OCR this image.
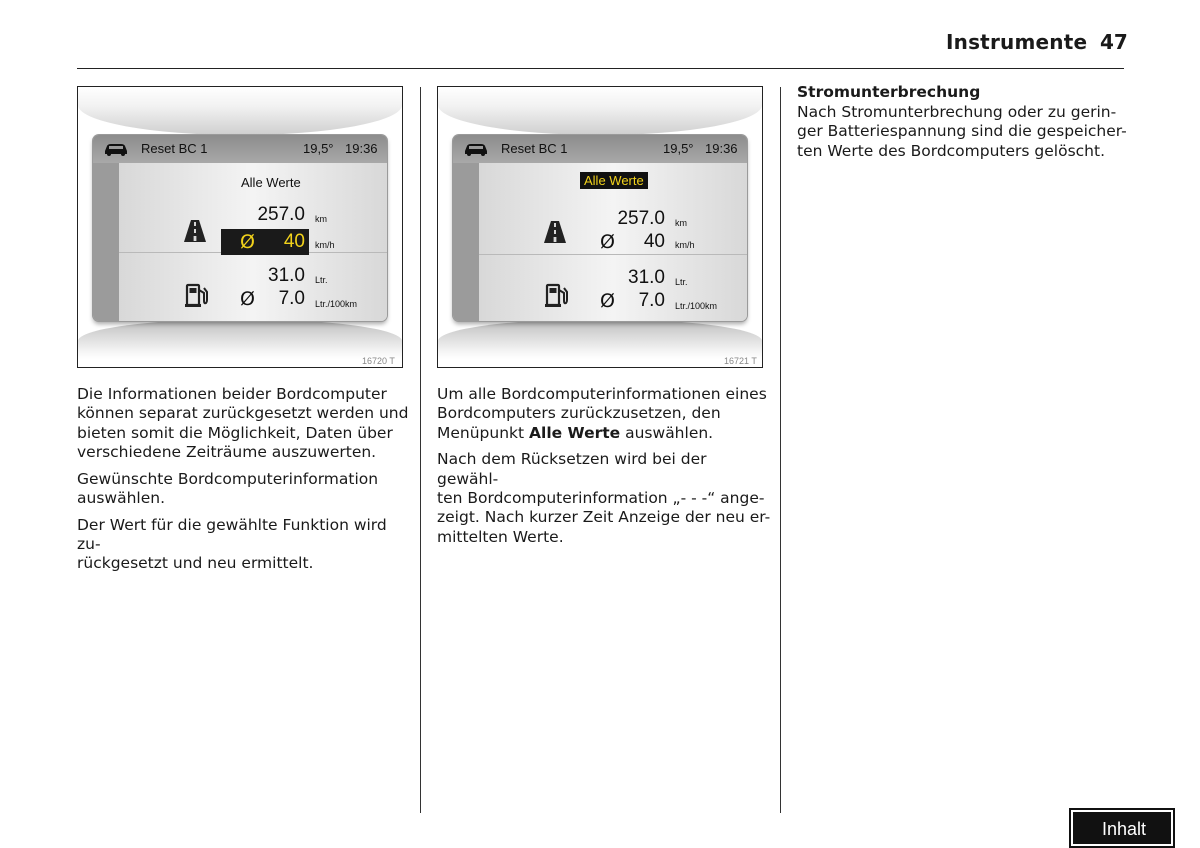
Instrumente 47
Reset BC 1	19,5° 19:36
Alle Werte
257.0 km
Ø	40 km/h
31.0 Ltr.
Ø	7.0 Ltr./100km
16720 T
Reset BC 1	19,5° 19:36
Alle Werte
257.0 km
Ø	40 km/h
31.0 Ltr.
Ø	7.0 Ltr./100km
16721 T

Die Informationen beider Bordcomputer
können separat zurückgesetzt werden und
bieten somit die Möglichkeit, Daten über
verschiedene Zeiträume auszuwerten.

Gewünschte Bordcomputerinformation
auswählen.

Der Wert für die gewählte Funktion wird zu-
rückgesetzt und neu ermittelt.

Um alle Bordcomputerinformationen eines
Bordcomputers zurückzusetzen, den
Menüpunkt Alle Werte auswählen.

Nach dem Rücksetzen wird bei der gewähl-
ten Bordcomputerinformation „- - -“ ange-
zeigt. Nach kurzer Zeit Anzeige der neu er-
mittelten Werte.

Stromunterbrechung
Nach Stromunterbrechung oder zu gerin-
ger Batteriespannung sind die gespeicher-
ten Werte des Bordcomputers gelöscht.
Inhalt
